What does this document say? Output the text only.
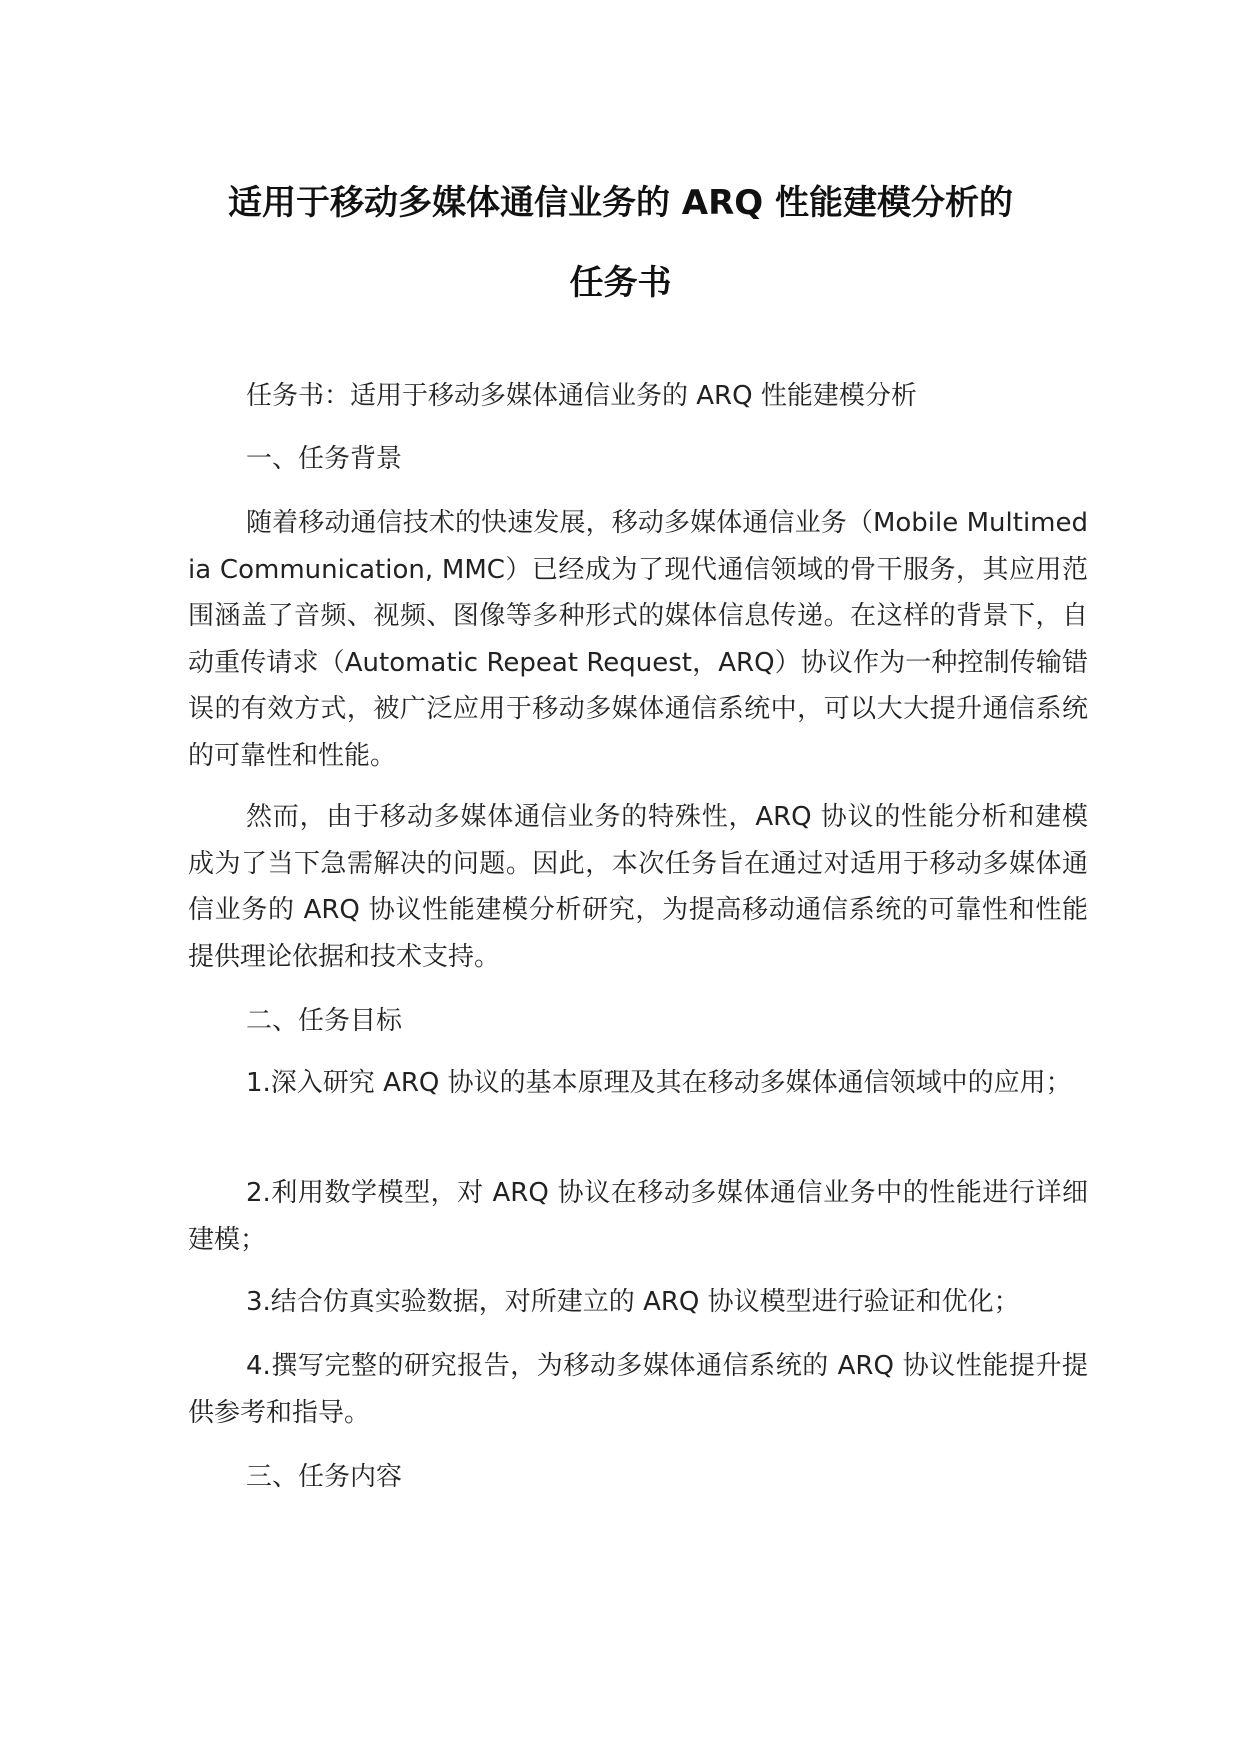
适用于移动多媒体通信业务的 ARQ 性能建模分析的
任务书
任务书：适用于移动多媒体通信业务的 ARQ 性能建模分析
一、任务背景
随着移动通信技术的快速发展，移动多媒体通信业务（Mobile Multimedia Communication, MMC）已经成为了现代通信领域的骨干服务，其应用范围涵盖了音频、视频、图像等多种形式的媒体信息传递。在这样的背景下，自动重传请求（Automatic Repeat Request，ARQ）协议作为一种控制传输错误的有效方式，被广泛应用于移动多媒体通信系统中，可以大大提升通信系统的可靠性和性能。
然而，由于移动多媒体通信业务的特殊性，ARQ 协议的性能分析和建模成为了当下急需解决的问题。因此，本次任务旨在通过对适用于移动多媒体通信业务的 ARQ 协议性能建模分析研究，为提高移动通信系统的可靠性和性能提供理论依据和技术支持。
二、任务目标
1.深入研究 ARQ 协议的基本原理及其在移动多媒体通信领域中的应用；
2.利用数学模型，对 ARQ 协议在移动多媒体通信业务中的性能进行详细建模；
3.结合仿真实验数据，对所建立的 ARQ 协议模型进行验证和优化；
4.撰写完整的研究报告，为移动多媒体通信系统的 ARQ 协议性能提升提供参考和指导。
三、任务内容
